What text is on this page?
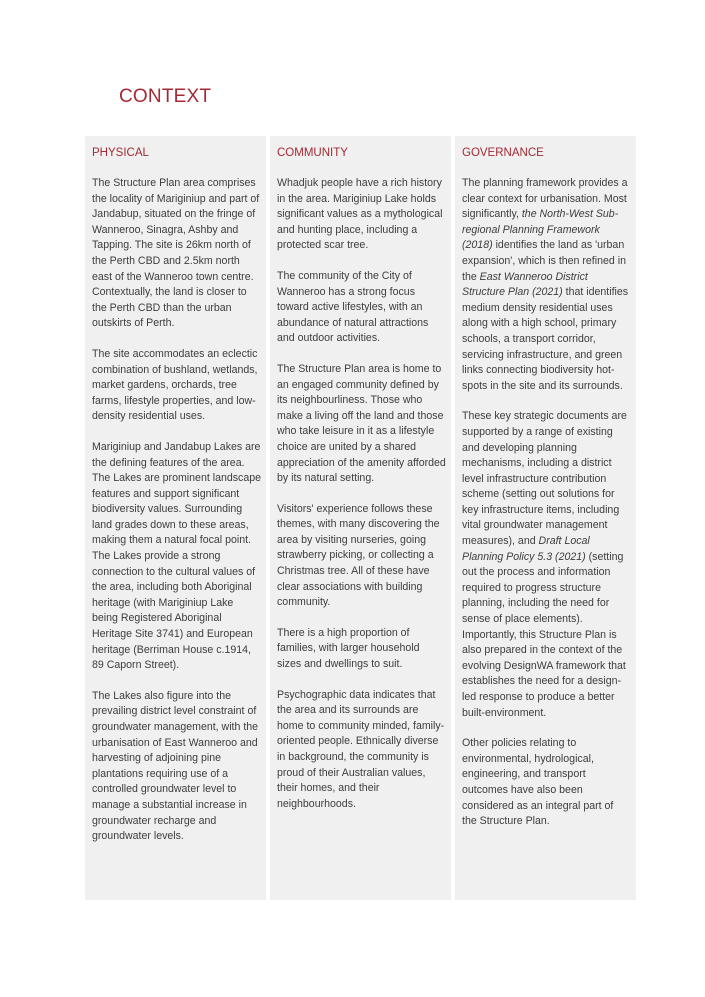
CONTEXT
PHYSICAL

The Structure Plan area comprises the locality of Mariginiup and part of Jandabup, situated on the fringe of Wanneroo, Sinagra, Ashby and Tapping. The site is 26km north of the Perth CBD and 2.5km north east of the Wanneroo town centre. Contextually, the land is closer to the Perth CBD than the urban outskirts of Perth.

The site accommodates an eclectic combination of bushland, wetlands, market gardens, orchards, tree farms, lifestyle properties, and low-density residential uses.

Mariginiup and Jandabup Lakes are the defining features of the area. The Lakes are prominent landscape features and support significant biodiversity values. Surrounding land grades down to these areas, making them a natural focal point. The Lakes provide a strong connection to the cultural values of the area, including both Aboriginal heritage (with Mariginiup Lake being Registered Aboriginal Heritage Site 3741) and European heritage (Berriman House c.1914, 89 Caporn Street).

The Lakes also figure into the prevailing district level constraint of groundwater management, with the urbanisation of East Wanneroo and harvesting of adjoining pine plantations requiring use of a controlled groundwater level to manage a substantial increase in groundwater recharge and groundwater levels.

COMMUNITY

Whadjuk people have a rich history in the area. Mariginiup Lake holds significant values as a mythological and hunting place, including a protected scar tree.

The community of the City of Wanneroo has a strong focus toward active lifestyles, with an abundance of natural attractions and outdoor activities.

The Structure Plan area is home to an engaged community defined by its neighbourliness. Those who make a living off the land and those who take leisure in it as a lifestyle choice are united by a shared appreciation of the amenity afforded by its natural setting.

Visitors' experience follows these themes, with many discovering the area by visiting nurseries, going strawberry picking, or collecting a Christmas tree. All of these have clear associations with building community.

There is a high proportion of families, with larger household sizes and dwellings to suit.

Psychographic data indicates that the area and its surrounds are home to community minded, family-oriented people. Ethnically diverse in background, the community is proud of their Australian values, their homes, and their neighbourhoods.

GOVERNANCE

The planning framework provides a clear context for urbanisation. Most significantly, the North-West Sub-regional Planning Framework (2018) identifies the land as 'urban expansion', which is then refined in the East Wanneroo District Structure Plan (2021) that identifies medium density residential uses along with a high school, primary schools, a transport corridor, servicing infrastructure, and green links connecting biodiversity hot-spots in the site and its surrounds.

These key strategic documents are supported by a range of existing and developing planning mechanisms, including a district level infrastructure contribution scheme (setting out solutions for key infrastructure items, including vital groundwater management measures), and Draft Local Planning Policy 5.3 (2021) (setting out the process and information required to progress structure planning, including the need for sense of place elements). Importantly, this Structure Plan is also prepared in the context of the evolving DesignWA framework that establishes the need for a design-led response to produce a better built-environment.

Other policies relating to environmental, hydrological, engineering, and transport outcomes have also been considered as an integral part of the Structure Plan.
